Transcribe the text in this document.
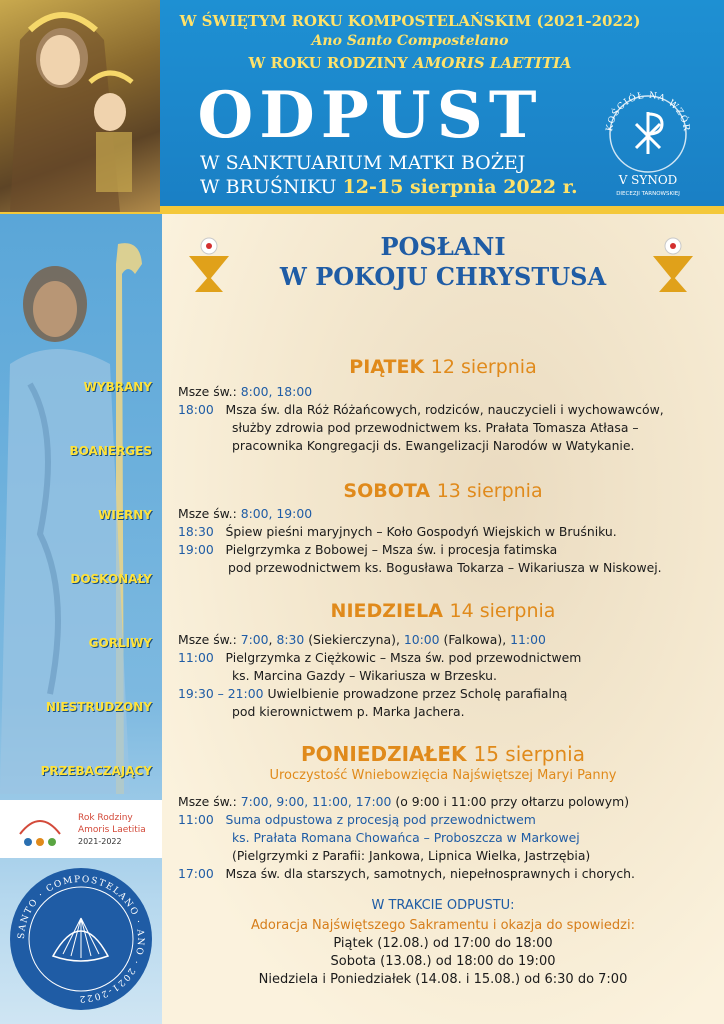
W ŚWIĘTYM ROKU KOMPOSTELAŃSKIM (2021-2022)
Ano Santo Compostelano
W ROKU RODZINY AMORIS LAETITIA
ODPUST
W SANKTUARIUM MATKI BOŻEJ
W BRUŚNIKU 12-15 sierpnia 2022 r.
KOŚCIÓŁ NA WZÓR
V SYNOD
DIECEZJI TARNOWSKIEJ
WYBRANY
BOANERGES
WIERNY
DOSKONAŁY
GORLIWY
NIESTRUDZONY
PRZEBACZAJĄCY
Rok Rodziny
Amoris Laetitia
2021-2022
SANTO · COMPOSTELANO · ANO · 2021-2022
POSŁANI
W POKOJU CHRYSTUSA
PIĄTEK 12 sierpnia
Msze św.: 8:00, 18:00
18:00 Msza św. dla Róż Różańcowych, rodziców, nauczycieli i wychowawców,
służby zdrowia pod przewodnictwem ks. Prałata Tomasza Atłasa –
pracownika Kongregacji ds. Ewangelizacji Narodów w Watykanie.
SOBOTA 13 sierpnia
Msze św.: 8:00, 19:00
18:30 Śpiew pieśni maryjnych – Koło Gospodyń Wiejskich w Bruśniku.
19:00 Pielgrzymka z Bobowej – Msza św. i procesja fatimska
pod przewodnictwem ks. Bogusława Tokarza – Wikariusza w Niskowej.
NIEDZIELA 14 sierpnia
Msze św.: 7:00, 8:30 (Siekierczyna), 10:00 (Falkowa), 11:00
11:00 Pielgrzymka z Ciężkowic – Msza św. pod przewodnictwem
ks. Marcina Gazdy – Wikariusza w Brzesku.
19:30 – 21:00 Uwielbienie prowadzone przez Scholę parafialną
pod kierownictwem p. Marka Jachera.
PONIEDZIAŁEK 15 sierpnia
Uroczystość Wniebowzięcia Najświętszej Maryi Panny
Msze św.: 7:00, 9:00, 11:00, 17:00 (o 9:00 i 11:00 przy ołtarzu polowym)
11:00 Suma odpustowa z procesją pod przewodnictwem
ks. Prałata Romana Chowańca – Proboszcza w Markowej
(Pielgrzymki z Parafii: Jankowa, Lipnica Wielka, Jastrzębia)
17:00 Msza św. dla starszych, samotnych, niepełnosprawnych i chorych.
W TRAKCIE ODPUSTU:
Adoracja Najświętszego Sakramentu i okazja do spowiedzi:
Piątek (12.08.) od 17:00 do 18:00
Sobota (13.08.) od 18:00 do 19:00
Niedziela i Poniedziałek (14.08. i 15.08.) od 6:30 do 7:00
